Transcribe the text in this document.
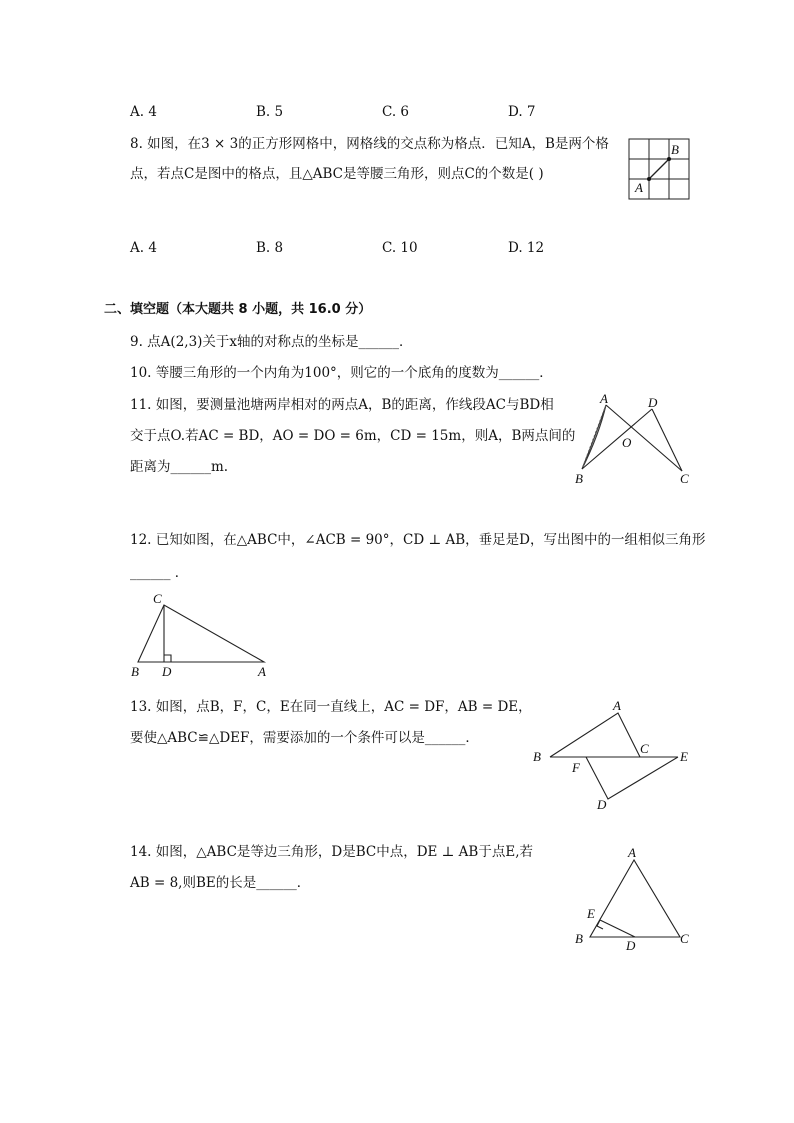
A. 4	B. 5	C. 6	D. 7
8. 如图，在3 × 3的正方形网格中，网格线的交点称为格点．已知A，B是两个格
点，若点C是图中的格点，且△ABC是等腰三角形，则点C的个数是( )
B
A
A. 4	B. 8	C. 10	D. 12
二、填空题（本大题共 8 小题，共 16.0 分）
9. 点A(2,3)关于x轴的对称点的坐标是______．
10. 等腰三角形的一个内角为100°，则它的一个底角的度数为______．
11. 如图，要测量池塘两岸相对的两点A，B的距离，作线段AC与BD相
交于点O.若AC = BD，AO = DO = 6m，CD = 15m，则A，B两点间的
距离为______m.
A	D
O
B	C
12. 已知如图，在△ABC中，∠ACB = 90°，CD ⊥ AB，垂足是D，写出图中的一组相似三角形
______ ．
C
B D	A
13. 如图，点B，F，C，E在同一直线上，AC = DF，AB = DE，
要使△ABC≌△DEF，需要添加的一个条件可以是______．
A
B
C
F
E
D
14. 如图，△ABC是等边三角形，D是BC中点，DE ⊥ AB于点E,若
AB = 8,则BE的长是______．
A
E
B	D	C
